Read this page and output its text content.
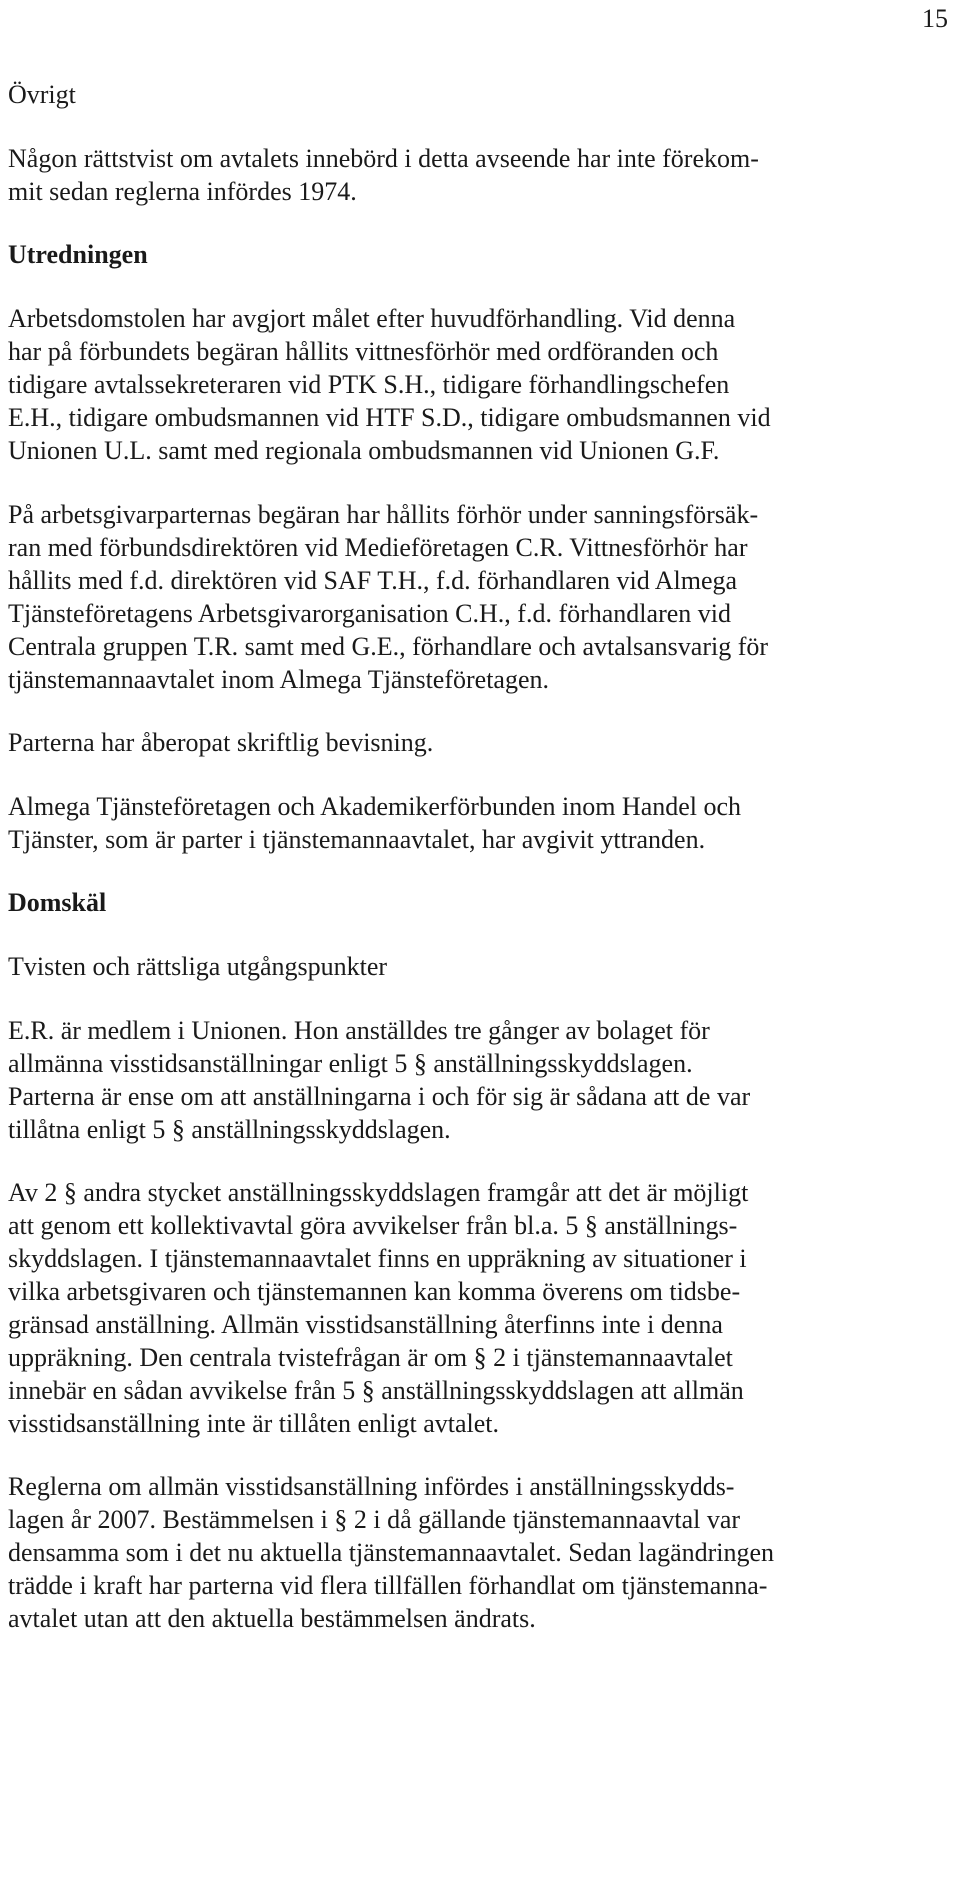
15
Övrigt
Någon rättstvist om avtalets innebörd i detta avseende har inte förekom-
mit sedan reglerna infördes 1974.
Utredningen
Arbetsdomstolen har avgjort målet efter huvudförhandling. Vid denna
har på förbundets begäran hållits vittnesförhör med ordföranden och
tidigare avtalssekreteraren vid PTK S.H., tidigare förhandlingschefen
E.H., tidigare ombudsmannen vid HTF S.D., tidigare ombudsmannen vid
Unionen U.L. samt med regionala ombudsmannen vid Unionen G.F.
På arbetsgivarparternas begäran har hållits förhör under sanningsförsäk-
ran med förbundsdirektören vid Medieföretagen C.R. Vittnesförhör har
hållits med f.d. direktören vid SAF T.H., f.d. förhandlaren vid Almega
Tjänsteföretagens Arbetsgivarorganisation C.H., f.d. förhandlaren vid
Centrala gruppen T.R. samt med G.E., förhandlare och avtalsansvarig för
tjänstemannaavtalet inom Almega Tjänsteföretagen.
Parterna har åberopat skriftlig bevisning.
Almega Tjänsteföretagen och Akademikerförbunden inom Handel och
Tjänster, som är parter i tjänstemannaavtalet, har avgivit yttranden.
Domskäl
Tvisten och rättsliga utgångspunkter
E.R. är medlem i Unionen. Hon anställdes tre gånger av bolaget för
allmänna visstidsanställningar enligt 5 § anställningsskyddslagen.
Parterna är ense om att anställningarna i och för sig är sådana att de var
tillåtna enligt 5 § anställningsskyddslagen.
Av 2 § andra stycket anställningsskyddslagen framgår att det är möjligt
att genom ett kollektivavtal göra avvikelser från bl.a. 5 § anställnings-
skyddslagen. I tjänstemannaavtalet finns en uppräkning av situationer i
vilka arbetsgivaren och tjänstemannen kan komma överens om tidsbe-
gränsad anställning. Allmän visstidsanställning återfinns inte i denna
uppräkning. Den centrala tvistefrågan är om § 2 i tjänstemannaavtalet
innebär en sådan avvikelse från 5 § anställningsskyddslagen att allmän
visstidsanställning inte är tillåten enligt avtalet.
Reglerna om allmän visstidsanställning infördes i anställningsskydds-
lagen år 2007. Bestämmelsen i § 2 i då gällande tjänstemannaavtal var
densamma som i det nu aktuella tjänstemannaavtalet. Sedan lagändringen
trädde i kraft har parterna vid flera tillfällen förhandlat om tjänstemanna-
avtalet utan att den aktuella bestämmelsen ändrats.
